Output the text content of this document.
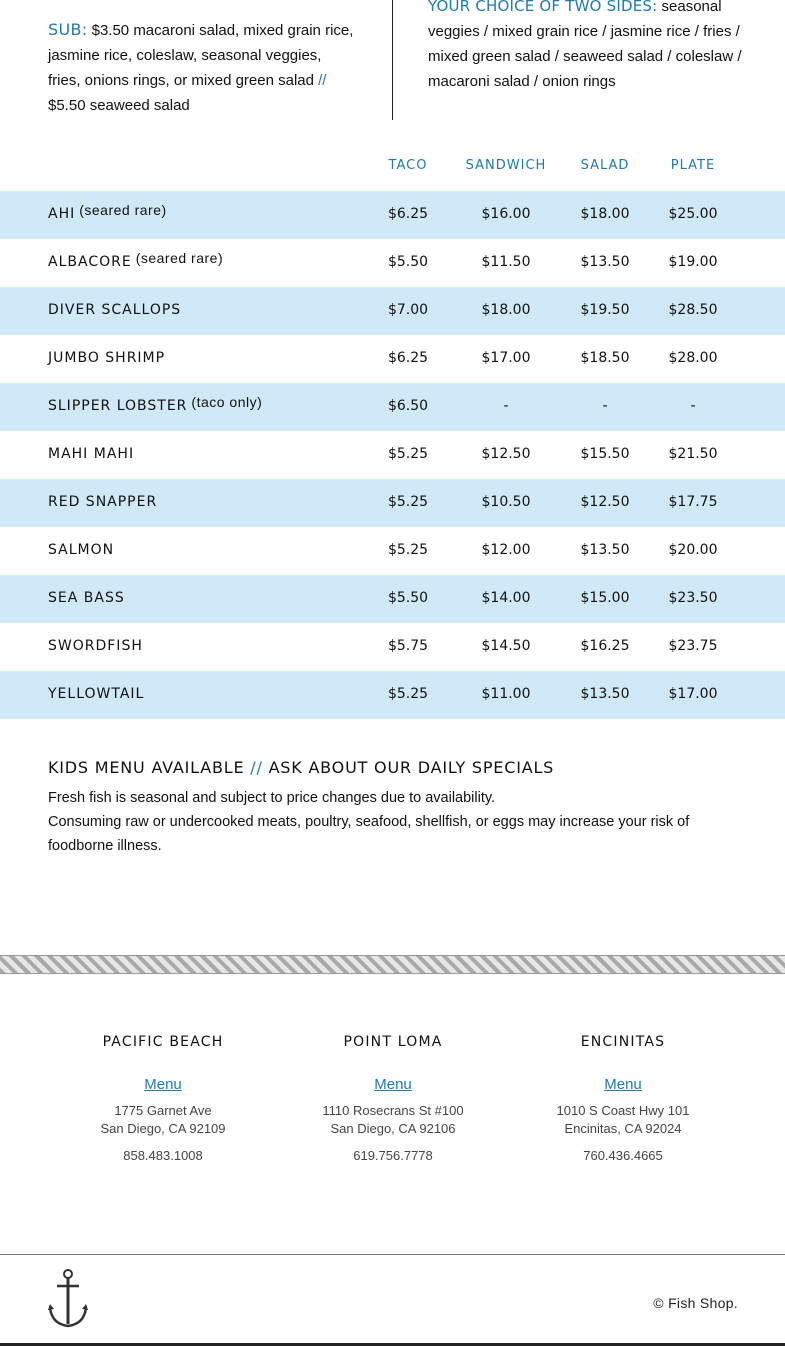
SUB: $3.50 macaroni salad, mixed grain rice, jasmine rice, coleslaw, seasonal veggies, fries, onions rings, or mixed green salad // $5.50 seaweed salad
YOUR CHOICE OF TWO SIDES: seasonal veggies / mixed grain rice / jasmine rice / fries / mixed green salad / seaweed salad / coleslaw / macaroni salad / onion rings
TACO	SANDWICH	SALAD	PLATE
AHI (seared rare)	$6.25	$16.00	$18.00	$25.00
ALBACORE (seared rare)	$5.50	$11.50	$13.50	$19.00
DIVER SCALLOPS	$7.00	$18.00	$19.50	$28.50
JUMBO SHRIMP	$6.25	$17.00	$18.50	$28.00
SLIPPER LOBSTER (taco only)	$6.50	-	-	-
MAHI MAHI	$5.25	$12.50	$15.50	$21.50
RED SNAPPER	$5.25	$10.50	$12.50	$17.75
SALMON	$5.25	$12.00	$13.50	$20.00
SEA BASS	$5.50	$14.00	$15.00	$23.50
SWORDFISH	$5.75	$14.50	$16.25	$23.75
YELLOWTAIL	$5.25	$11.00	$13.50	$17.00
KIDS MENU AVAILABLE // ASK ABOUT OUR DAILY SPECIALS
Fresh fish is seasonal and subject to price changes due to availability.
Consuming raw or undercooked meats, poultry, seafood, shellfish, or eggs may increase your risk of foodborne illness.
PACIFIC BEACH
Menu
1775 Garnet Ave
San Diego, CA 92109
858.483.1008
POINT LOMA
Menu
1110 Rosecrans St #100
San Diego, CA 92106
619.756.7778
ENCINITAS
Menu
1010 S Coast Hwy 101
Encinitas, CA 92024
760.436.4665
© Fish Shop.
